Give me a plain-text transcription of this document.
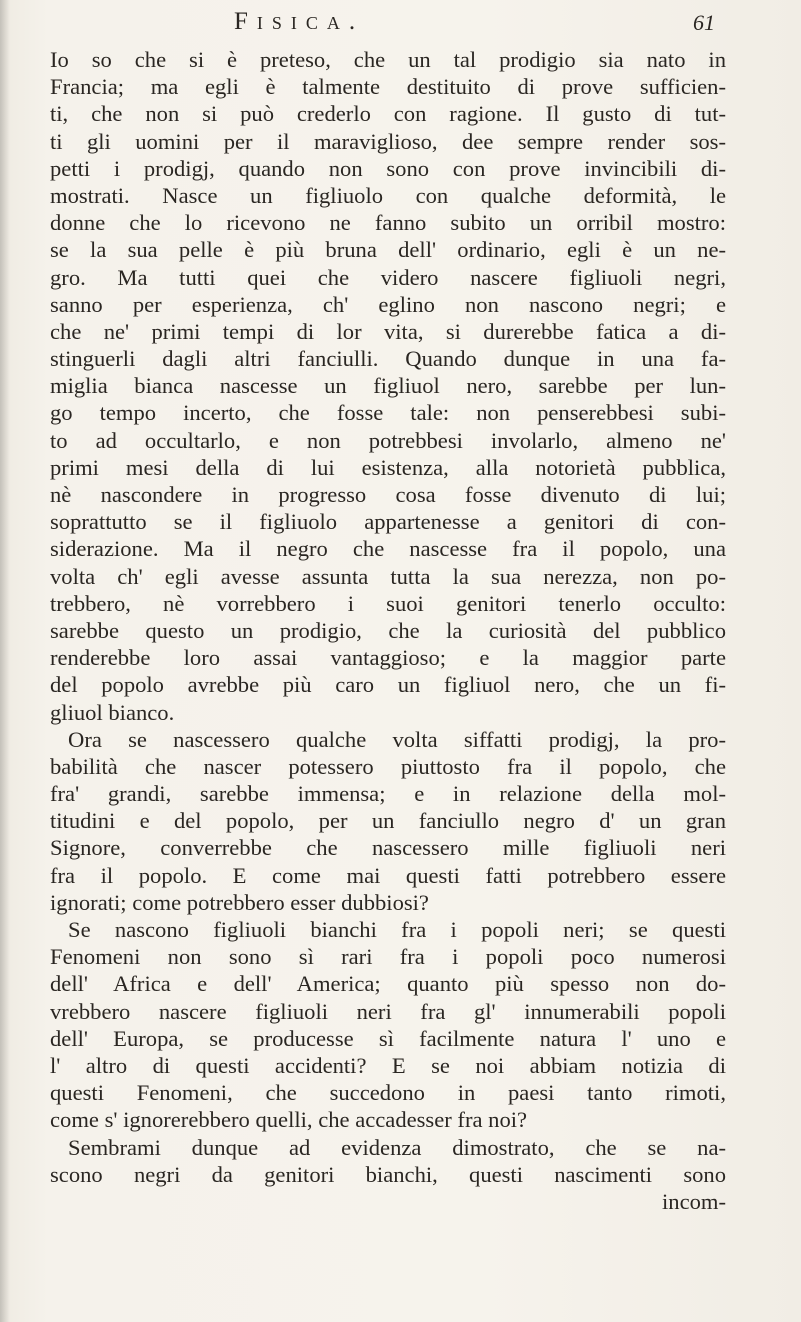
Fisica.	61
Io so che si è preteso, che un tal prodigio sia nato in
Francia; ma egli è talmente destituito di prove sufficien-
ti, che non si può crederlo con ragione. Il gusto di tut-
ti gli uomini per il maraviglioso, dee sempre render sos-
petti i prodigj, quando non sono con prove invincibili di-
mostrati. Nasce un figliuolo con qualche deformità, le
donne che lo ricevono ne fanno subito un orribil mostro:
se la sua pelle è più bruna dell' ordinario, egli è un ne-
gro. Ma tutti quei che videro nascere figliuoli negri,
sanno per esperienza, ch' eglino non nascono negri; e
che ne' primi tempi di lor vita, si durerebbe fatica a di-
stinguerli dagli altri fanciulli. Quando dunque in una fa-
miglia bianca nascesse un figliuol nero, sarebbe per lun-
go tempo incerto, che fosse tale: non penserebbesi subi-
to ad occultarlo, e non potrebbesi involarlo, almeno ne'
primi mesi della di lui esistenza, alla notorietà pubblica,
nè nascondere in progresso cosa fosse divenuto di lui;
soprattutto se il figliuolo appartenesse a genitori di con-
siderazione. Ma il negro che nascesse fra il popolo, una
volta ch' egli avesse assunta tutta la sua nerezza, non po-
trebbero, nè vorrebbero i suoi genitori tenerlo occulto:
sarebbe questo un prodigio, che la curiosità del pubblico
renderebbe loro assai vantaggioso; e la maggior parte
del popolo avrebbe più caro un figliuol nero, che un fi-
gliuol bianco.
Ora se nascessero qualche volta siffatti prodigj, la pro-
babilità che nascer potessero piuttosto fra il popolo, che
fra' grandi, sarebbe immensa; e in relazione della mol-
titudini e del popolo, per un fanciullo negro d' un gran
Signore, converrebbe che nascessero mille figliuoli neri
fra il popolo. E come mai questi fatti potrebbero essere
ignorati; come potrebbero esser dubbiosi?
Se nascono figliuoli bianchi fra i popoli neri; se questi
Fenomeni non sono sì rari fra i popoli poco numerosi
dell' Africa e dell' America; quanto più spesso non do-
vrebbero nascere figliuoli neri fra gl' innumerabili popoli
dell' Europa, se producesse sì facilmente natura l' uno e
l' altro di questi accidenti? E se noi abbiam notizia di
questi Fenomeni, che succedono in paesi tanto rimoti,
come s' ignorerebbero quelli, che accadesser fra noi?
Sembrami dunque ad evidenza dimostrato, che se na-
scono negri da genitori bianchi, questi nascimenti sono
incom-
